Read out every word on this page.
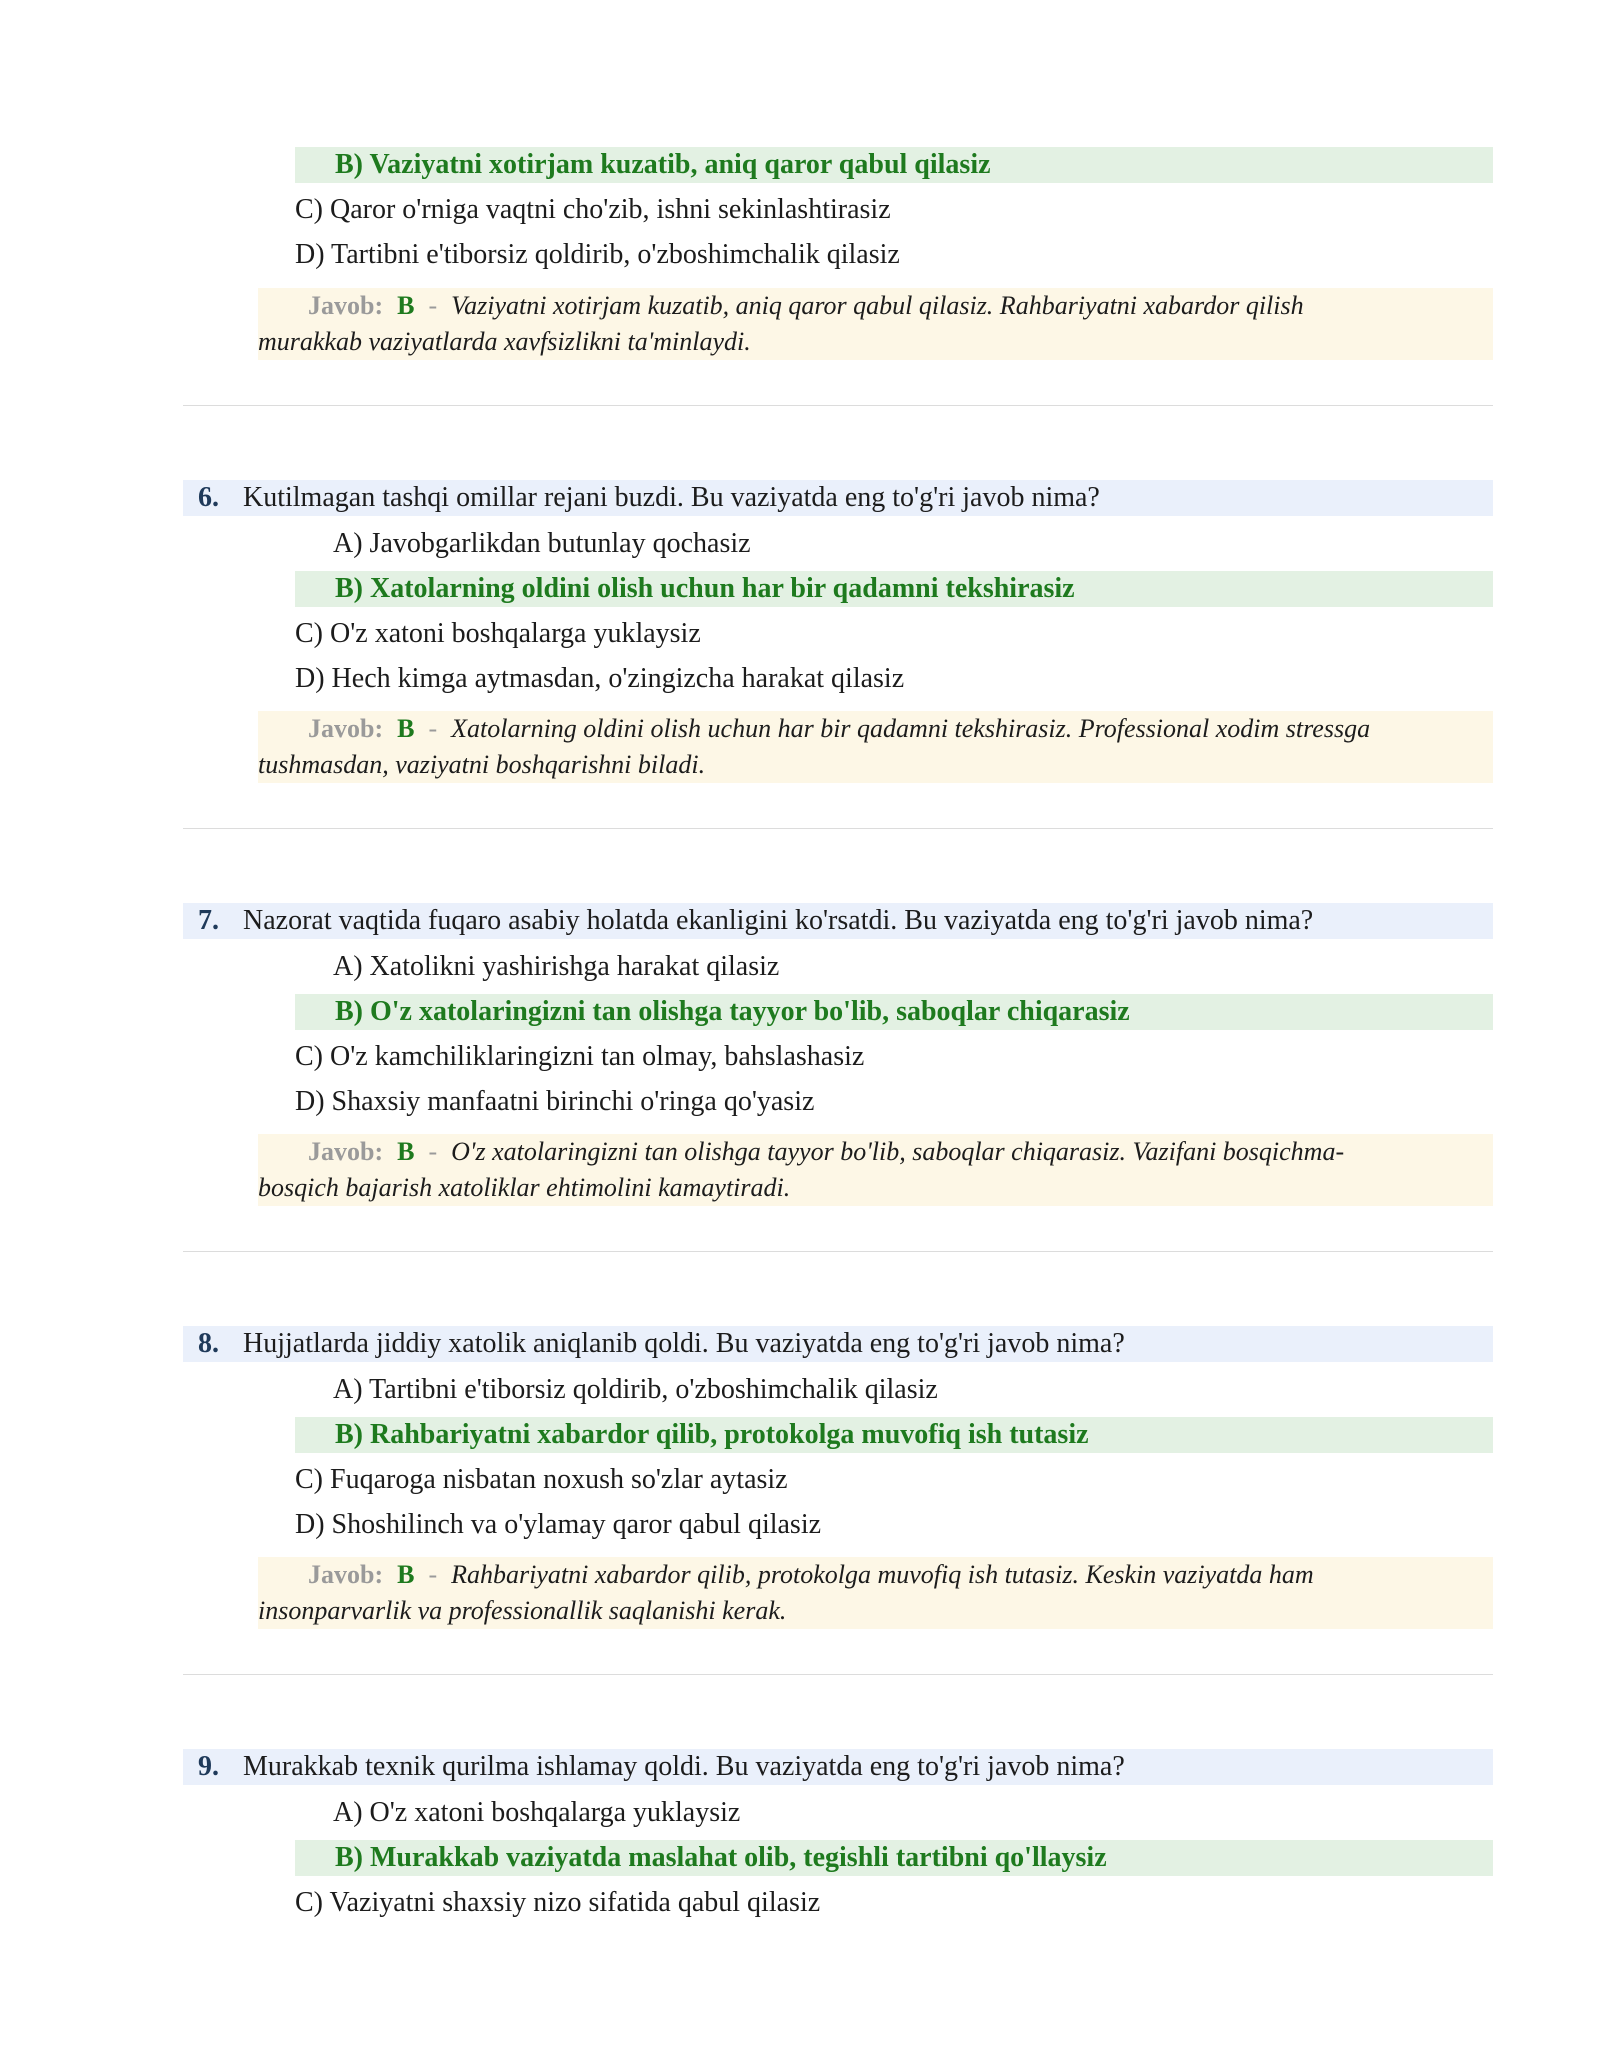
B) Vaziyatni xotirjam kuzatib, aniq qaror qabul qilasiz
C) Qaror o'rniga vaqtni cho'zib, ishni sekinlashtirasiz
D) Tartibni e'tiborsiz qoldirib, o'zboshimchalik qilasiz
Javob: B - Vaziyatni xotirjam kuzatib, aniq qaror qabul qilasiz. Rahbariyatni xabardor qilish
murakkab vaziyatlarda xavfsizlikni ta'minlaydi.
6. Kutilmagan tashqi omillar rejani buzdi. Bu vaziyatda eng to'g'ri javob nima?
A) Javobgarlikdan butunlay qochasiz
B) Xatolarning oldini olish uchun har bir qadamni tekshirasiz
C) O'z xatoni boshqalarga yuklaysiz
D) Hech kimga aytmasdan, o'zingizcha harakat qilasiz
Javob: B - Xatolarning oldini olish uchun har bir qadamni tekshirasiz. Professional xodim stressga
tushmasdan, vaziyatni boshqarishni biladi.
7. Nazorat vaqtida fuqaro asabiy holatda ekanligini ko'rsatdi. Bu vaziyatda eng to'g'ri javob nima?
A) Xatolikni yashirishga harakat qilasiz
B) O'z xatolaringizni tan olishga tayyor bo'lib, saboqlar chiqarasiz
C) O'z kamchiliklaringizni tan olmay, bahslashasiz
D) Shaxsiy manfaatni birinchi o'ringa qo'yasiz
Javob: B - O'z xatolaringizni tan olishga tayyor bo'lib, saboqlar chiqarasiz. Vazifani bosqichma-
bosqich bajarish xatoliklar ehtimolini kamaytiradi.
8. Hujjatlarda jiddiy xatolik aniqlanib qoldi. Bu vaziyatda eng to'g'ri javob nima?
A) Tartibni e'tiborsiz qoldirib, o'zboshimchalik qilasiz
B) Rahbariyatni xabardor qilib, protokolga muvofiq ish tutasiz
C) Fuqaroga nisbatan noxush so'zlar aytasiz
D) Shoshilinch va o'ylamay qaror qabul qilasiz
Javob: B - Rahbariyatni xabardor qilib, protokolga muvofiq ish tutasiz. Keskin vaziyatda ham
insonparvarlik va professionallik saqlanishi kerak.
9. Murakkab texnik qurilma ishlamay qoldi. Bu vaziyatda eng to'g'ri javob nima?
A) O'z xatoni boshqalarga yuklaysiz
B) Murakkab vaziyatda maslahat olib, tegishli tartibni qo'llaysiz
C) Vaziyatni shaxsiy nizo sifatida qabul qilasiz
